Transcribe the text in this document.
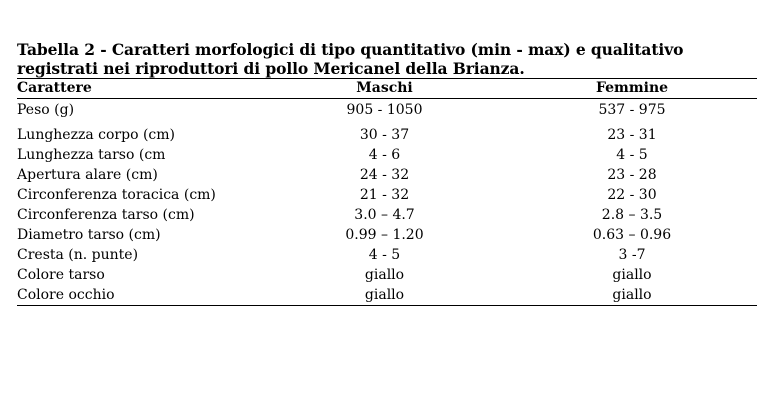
Tabella 2 - Caratteri morfologici di tipo quantitativo (min - max) e qualitativo
registrati nei riproduttori di pollo Mericanel della Brianza.
Carattere	Maschi	Femmine
Peso (g)	905 - 1050	537 - 975
Lunghezza corpo (cm)	30 - 37	23 - 31
Lunghezza tarso (cm	4 - 6	4 - 5
Apertura alare (cm)	24 - 32	23 - 28
Circonferenza toracica (cm)	21 - 32	22 - 30
Circonferenza tarso (cm)	3.0 – 4.7	2.8 – 3.5
Diametro tarso (cm)	0.99 – 1.20	0.63 – 0.96
Cresta (n. punte)	4 - 5	3 -7
Colore tarso	giallo	giallo
Colore occhio	giallo	giallo
